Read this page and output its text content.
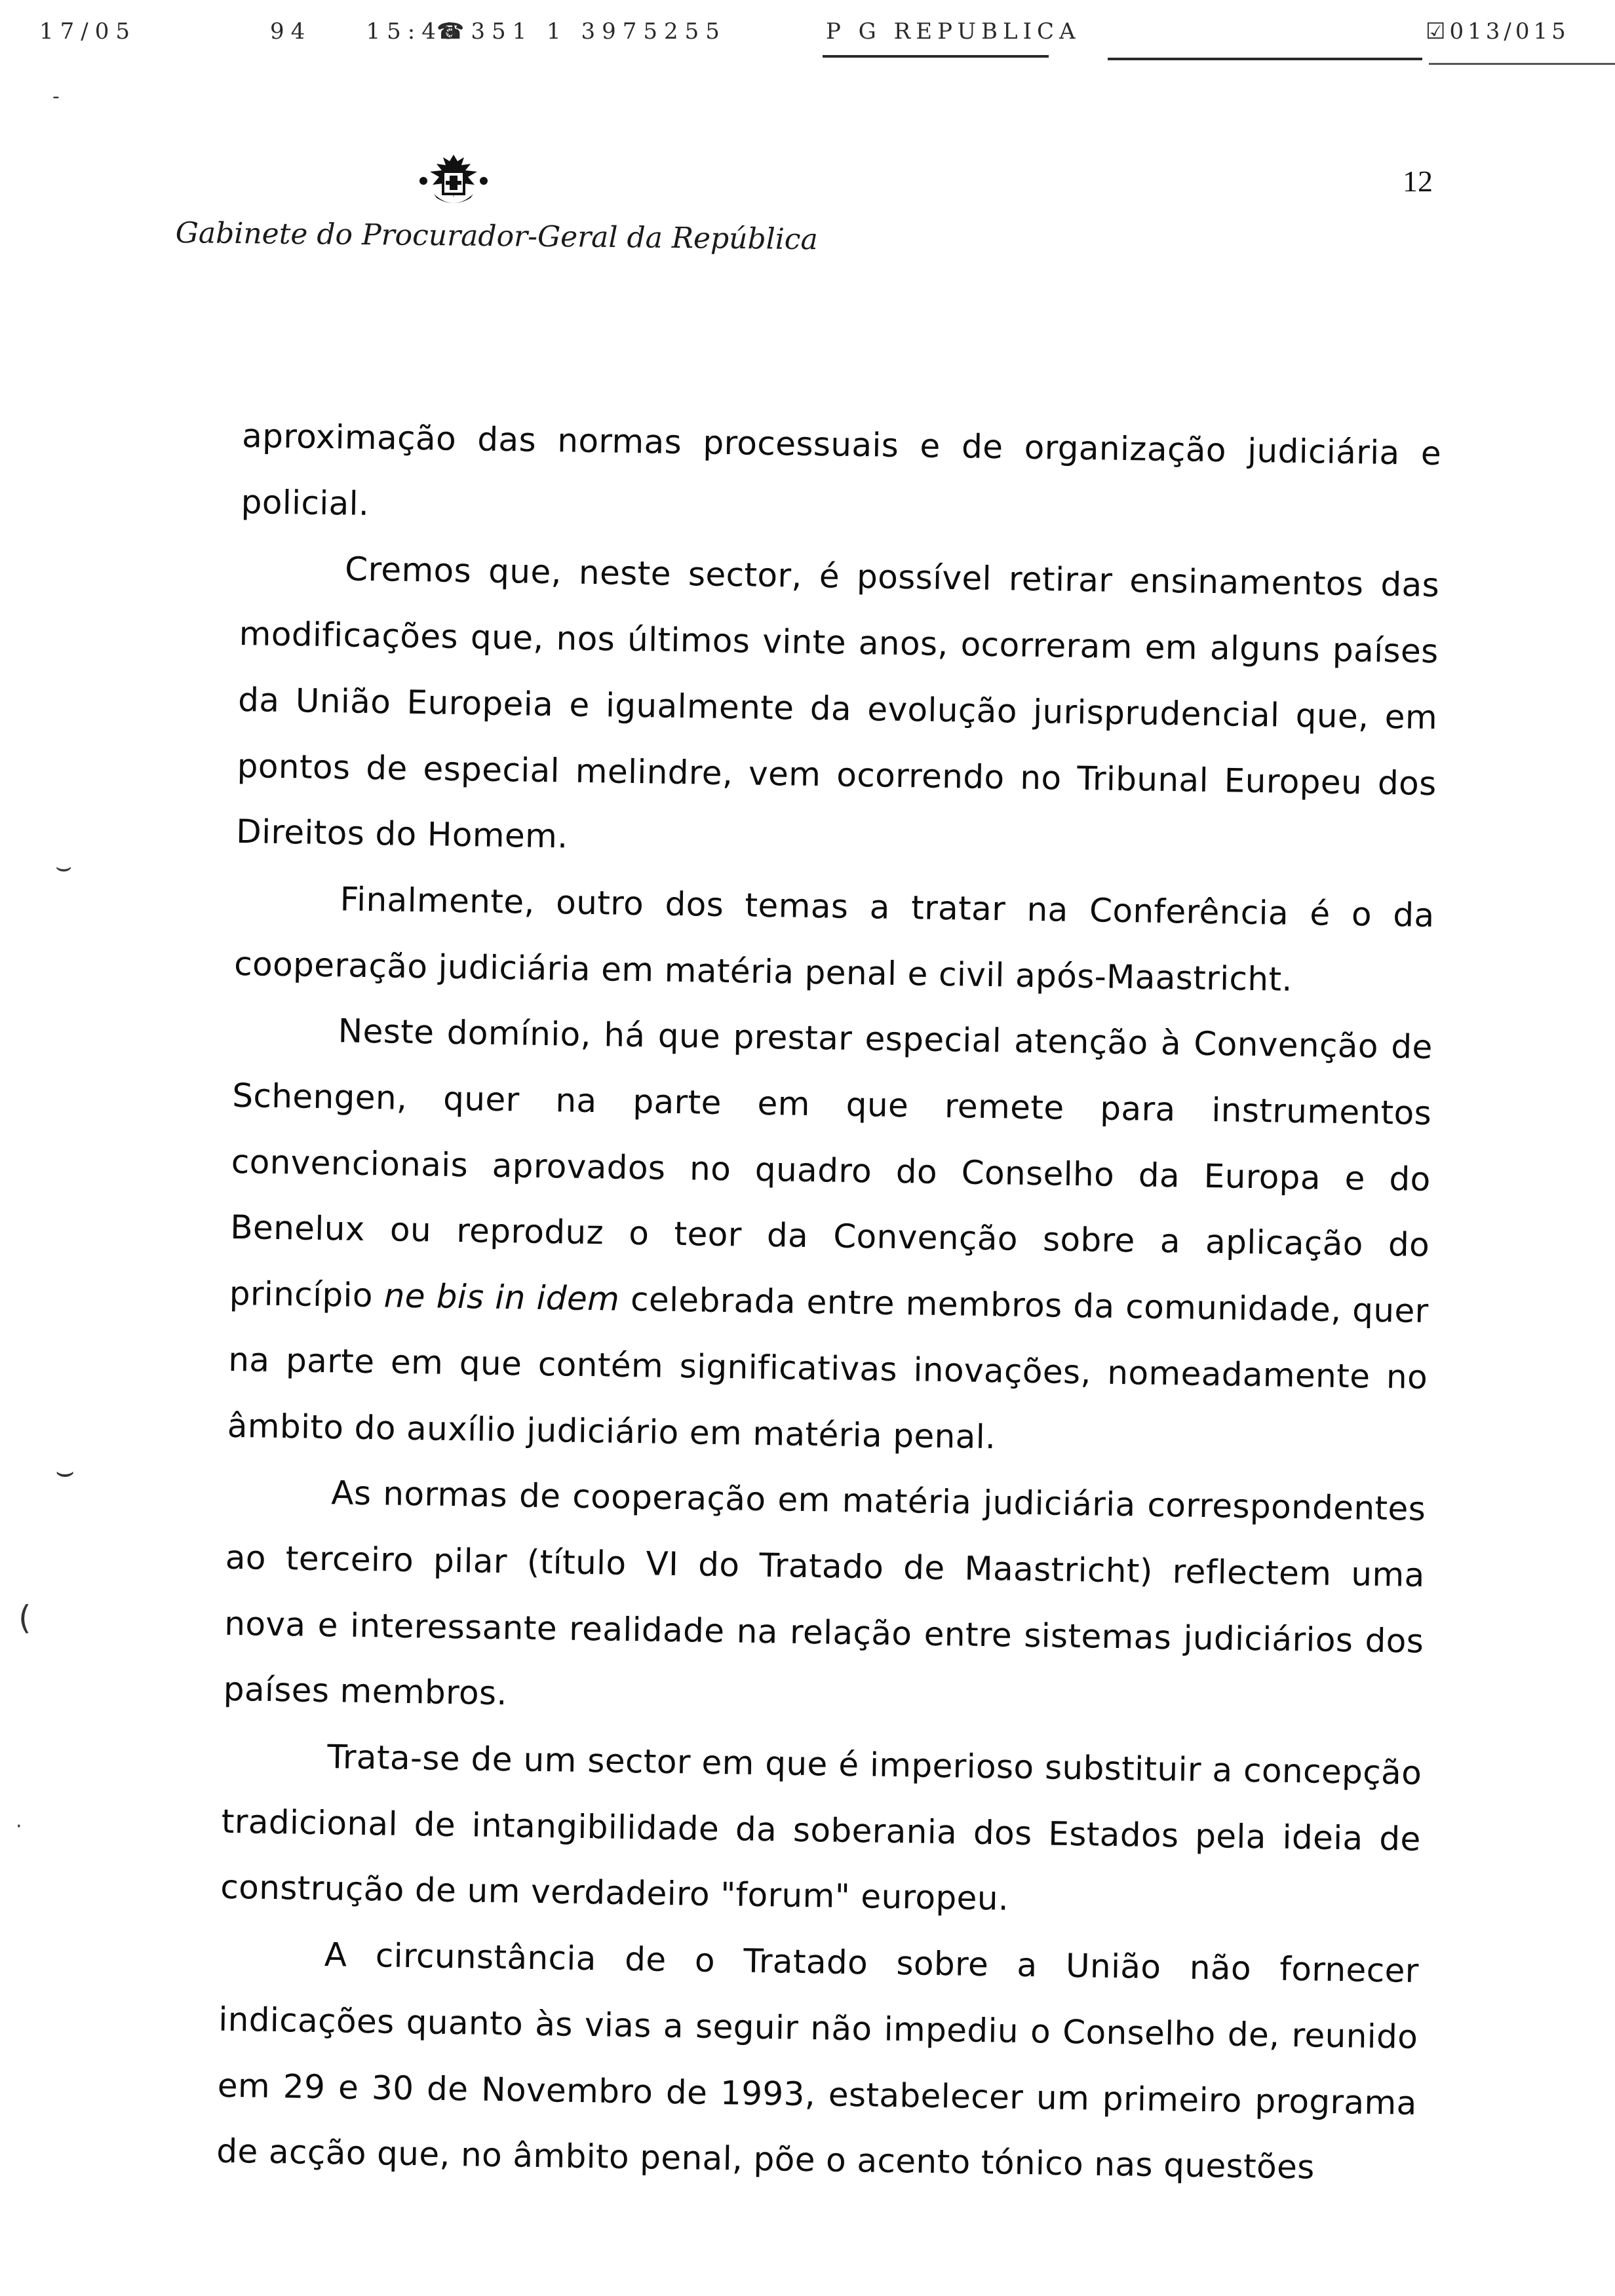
17/05	94 15:49
☎351 1 3975255	P G REPUBLICA	☑013/015
Gabinete do Procurador-Geral da República
12
-
⌣
⌣
(
·

aproximação das normas processuais e de organização judiciária e policial.

Cremos que, neste sector, é possível retirar ensinamentos das modificações que, nos últimos vinte anos, ocorreram em alguns países da União Europeia e igualmente da evolução jurisprudencial que, em pontos de especial melindre, vem ocorrendo no Tribunal Europeu dos Direitos do Homem.

Finalmente, outro dos temas a tratar na Conferência é o da cooperação judiciária em matéria penal e civil após-Maastricht.

Neste domínio, há que prestar especial atenção à Convenção de Schengen, quer na parte em que remete para instrumentos convencionais aprovados no quadro do Conselho da Europa e do Benelux ou reproduz o teor da Convenção sobre a aplicação do princípio ne bis in idem celebrada entre membros da comunidade, quer na parte em que contém significativas inovações, nomeadamente no âmbito do auxílio judiciário em matéria penal.

As normas de cooperação em matéria judiciária correspondentes ao terceiro pilar (título VI do Tratado de Maastricht) reflectem uma nova e interessante realidade na relação entre sistemas judiciários dos países membros.

Trata-se de um sector em que é imperioso substituir a concepção tradicional de intangibilidade da soberania dos Estados pela ideia de construção de um verdadeiro "forum" europeu.

A circunstância de o Tratado sobre a União não fornecer indicações quanto às vias a seguir não impediu o Conselho de, reunido em 29 e 30 de Novembro de 1993, estabelecer um primeiro programa de acção que, no âmbito penal, põe o acento tónico nas questões
